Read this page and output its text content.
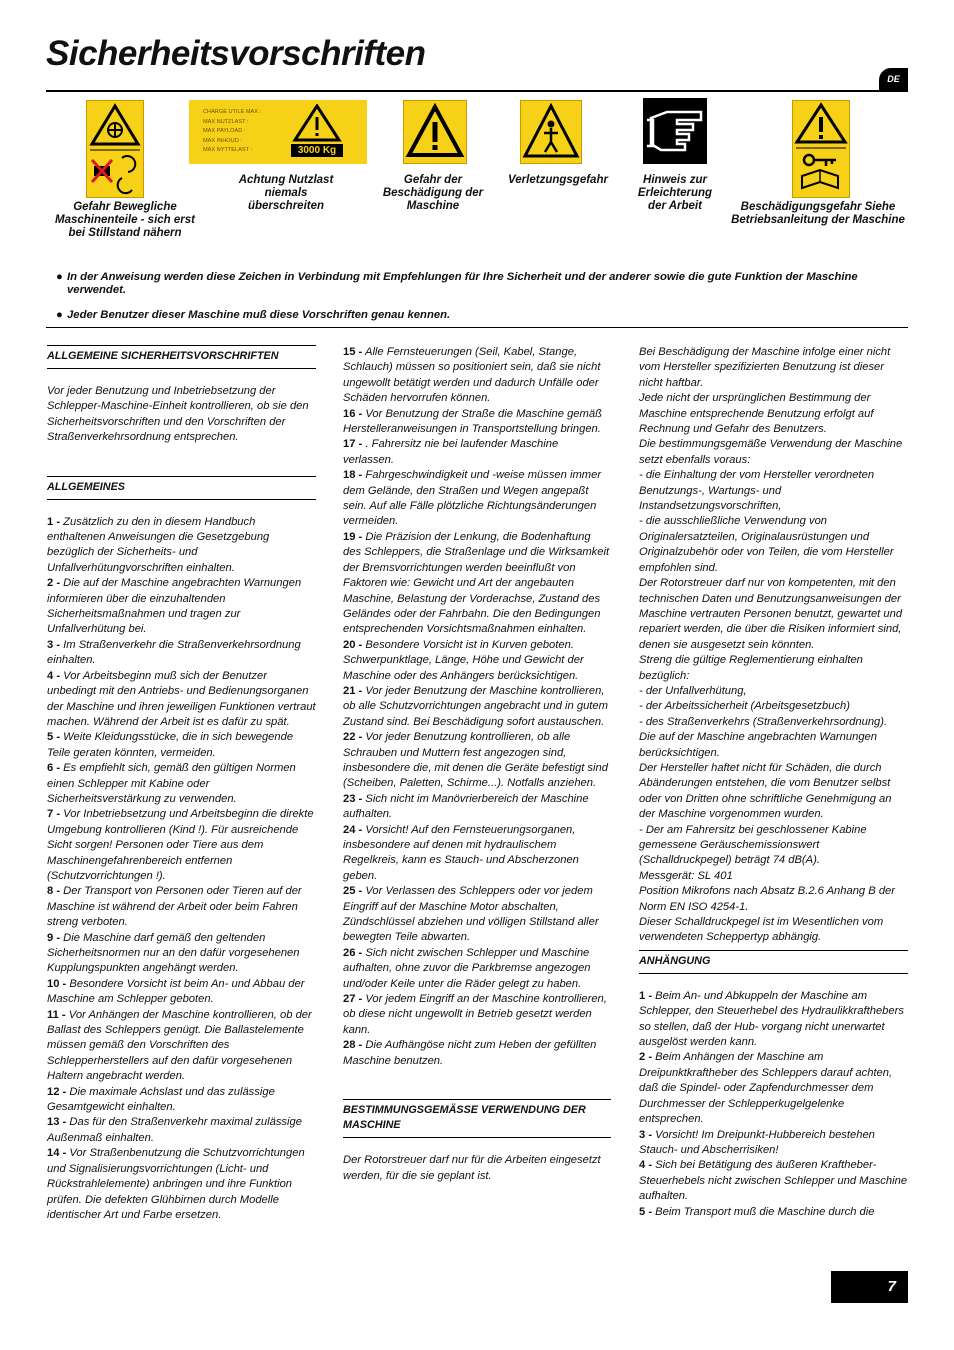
Sicherheitsvorschriften
DE
Gefahr Bewegliche Maschinenteile - sich erst bei Stillstand nähern
CHARGE UTILE MAX :
MAX NUTZLAST :
MAX PAYLOAD :
MAX INHOUD :
MAX NYTTELAST :	3000 Kg
Achtung Nutzlast niemals überschreiten
Gefahr der Beschädigung der Maschine
Verletzungsgefahr	Hinweis zur Erleichterung der Arbeit	Beschädigungsgefahr Siehe Betriebsanleitung der Maschine
● In der Anweisung werden diese Zeichen in Verbindung mit Empfehlungen für Ihre Sicherheit und der anderer sowie die gute Funktion der Maschine verwendet.
● Jeder Benutzer dieser Maschine muß diese Vorschriften genau kennen.
ALLGEMEINE SICHERHEITSVORSCHRIFTEN

Vor jeder Benutzung und Inbetriebsetzung der Schlepper-Maschine-Einheit kontrollieren, ob sie den Sicherheitsvorschriften und den Vorschriften der Straßenverkehrsordnung entsprechen.

ALLGEMEINES

1 - Zusätzlich zu den in diesem Handbuch enthaltenen Anweisungen die Gesetzgebung bezüglich der Sicherheits- und Unfallverhütungvorschriften einhalten.

2 - Die auf der Maschine angebrachten Warnungen informieren über die einzuhaltenden Sicherheitsmaßnahmen und tragen zur Unfallverhütung bei.

3 - Im Straßenverkehr die Straßenverkehrsordnung einhalten.

4 - Vor Arbeitsbeginn muß sich der Benutzer unbedingt mit den Antriebs- und Bedienungsorganen der Maschine und ihren jeweiligen Funktionen vertraut machen. Während der Arbeit ist es dafür zu spät.

5 - Weite Kleidungsstücke, die in sich bewegende Teile geraten könnten, vermeiden.

6 - Es empfiehlt sich, gemäß den gültigen Normen einen Schlepper mit Kabine oder Sicherheitsverstärkung zu verwenden.

7 - Vor Inbetriebsetzung und Arbeitsbeginn die direkte Umgebung kontrollieren (Kind !). Für ausreichende Sicht sorgen! Personen oder Tiere aus dem Maschinengefahrenbereich entfernen (Schutzvorrichtungen !).

8 - Der Transport von Personen oder Tieren auf der Maschine ist während der Arbeit oder beim Fahren streng verboten.

9 - Die Maschine darf gemäß den geltenden Sicherheitsnormen nur an den dafür vorgesehenen Kupplungspunkten angehängt werden.

10 - Besondere Vorsicht ist beim An- und Abbau der Maschine am Schlepper geboten.

11 - Vor Anhängen der Maschine kontrollieren, ob der Ballast des Schleppers genügt. Die Ballastelemente müssen gemäß den Vorschriften des Schlepperherstellers auf den dafür vorgesehenen Haltern angebracht werden.

12 - Die maximale Achslast und das zulässige Gesamtgewicht einhalten.

13 - Das für den Straßenverkehr maximal zulässige Außenmaß einhalten.

14 - Vor Straßenbenutzung die Schutzvorrichtungen und Signalisierungsvorrichtungen (Licht- und Rückstrahlelemente) anbringen und ihre Funktion prüfen. Die defekten Glühbirnen durch Modelle identischer Art und Farbe ersetzen.

15 - Alle Fernsteuerungen (Seil, Kabel, Stange, Schlauch) müssen so positioniert sein, daß sie nicht ungewollt betätigt werden und dadurch Unfälle oder Schäden hervorrufen können.

16 - Vor Benutzung der Straße die Maschine gemäß Herstelleranweisungen in Transportstellung bringen.

17 - . Fahrersitz nie bei laufender Maschine verlassen.

18 - Fahrgeschwindigkeit und -weise müssen immer dem Gelände, den Straßen und Wegen angepaßt sein. Auf alle Fälle plötzliche Richtungsänderungen vermeiden.

19 - Die Präzision der Lenkung, die Bodenhaftung des Schleppers, die Straßenlage und die Wirksamkeit der Bremsvorrichtungen werden beeinflußt von Faktoren wie: Gewicht und Art der angebauten Maschine, Belastung der Vorderachse, Zustand des Geländes oder der Fahrbahn. Die den Bedingungen entsprechenden Vorsichtsmaßnahmen einhalten.

20 - Besondere Vorsicht ist in Kurven geboten. Schwerpunktlage, Länge, Höhe und Gewicht der Maschine oder des Anhängers berücksichtigen.

21 - Vor jeder Benutzung der Maschine kontrollieren, ob alle Schutzvorrichtungen angebracht und in gutem Zustand sind. Bei Beschädigung sofort austauschen.

22 - Vor jeder Benutzung kontrollieren, ob alle Schrauben und Muttern fest angezogen sind, insbesondere die, mit denen die Geräte befestigt sind (Scheiben, Paletten, Schirme...). Notfalls anziehen.

23 - Sich nicht im Manövrierbereich der Maschine aufhalten.

24 - Vorsicht! Auf den Fernsteuerungsorganen, insbesondere auf denen mit hydraulischem Regelkreis, kann es Stauch- und Abscherzonen geben.

25 - Vor Verlassen des Schleppers oder vor jedem Eingriff auf der Maschine Motor abschalten, Zündschlüssel abziehen und völligen Stillstand aller bewegten Teile abwarten.

26 - Sich nicht zwischen Schlepper und Maschine aufhalten, ohne zuvor die Parkbremse angezogen und/oder Keile unter die Räder gelegt zu haben.

27 - Vor jedem Eingriff an der Maschine kontrollieren, ob diese nicht ungewollt in Betrieb gesetzt werden kann.

28 - Die Aufhängöse nicht zum Heben der gefüllten Maschine benutzen.

BESTIMMUNGSGEMÄSSE VERWENDUNG DER MASCHINE

Der Rotorstreuer darf nur für die Arbeiten eingesetzt werden, für die sie geplant ist.

Bei Beschädigung der Maschine infolge einer nicht vom Hersteller spezifizierten Benutzung ist dieser nicht haftbar.

Jede nicht der ursprünglichen Bestimmung der Maschine entsprechende Benutzung erfolgt auf Rechnung und Gefahr des Benutzers.

Die bestimmungsgemäße Verwendung der Maschine setzt ebenfalls voraus:

- die Einhaltung der vom Hersteller verordneten Benutzungs-, Wartungs- und Instandsetzungsvorschriften,

- die ausschließliche Verwendung von Originalersatzteilen, Originalausrüstungen und Originalzubehör oder von Teilen, die vom Hersteller empfohlen sind.

Der Rotorstreuer darf nur von kompetenten, mit den technischen Daten und Benutzungsanweisungen der Maschine vertrauten Personen benutzt, gewartet und repariert werden, die über die Risiken informiert sind, denen sie ausgesetzt sein könnten.

Streng die gültige Reglementierung einhalten bezüglich:

- der Unfallverhütung,

- der Arbeitssicherheit (Arbeitsgesetzbuch)

- des Straßenverkehrs (Straßenverkehrsordnung).

Die auf der Maschine angebrachten Warnungen berücksichtigen.

Der Hersteller haftet nicht für Schäden, die durch Abänderungen entstehen, die vom Benutzer selbst oder von Dritten ohne schriftliche Genehmigung an der Maschine vorgenommen wurden.

- Der am Fahrersitz bei geschlossener Kabine gemessene Geräuschemissionswert (Schalldruckpegel) beträgt 74 dB(A).

Messgerät: SL 401

Position Mikrofons nach Absatz B.2.6 Anhang B der Norm EN ISO 4254-1.

Dieser Schalldruckpegel ist im Wesentlichen vom verwendeten Scheppertyp abhängig.

ANHÄNGUNG

1 - Beim An- und Abkuppeln der Maschine am Schlepper, den Steuerhebel des Hydraulikkrafthebers so stellen, daß der Hub- vorgang nicht unerwartet ausgelöst werden kann.

2 - Beim Anhängen der Maschine am Dreipunktkraftheber des Schleppers darauf achten, daß die Spindel- oder Zapfendurchmesser dem Durchmesser der Schlepperkugelgelenke entsprechen.

3 - Vorsicht! Im Dreipunkt-Hubbereich bestehen Stauch- und Abscherrisiken!

4 - Sich bei Betätigung des äußeren Kraftheber-Steuerhebels nicht zwischen Schlepper und Maschine aufhalten.

5 - Beim Transport muß die Maschine durch die

7
